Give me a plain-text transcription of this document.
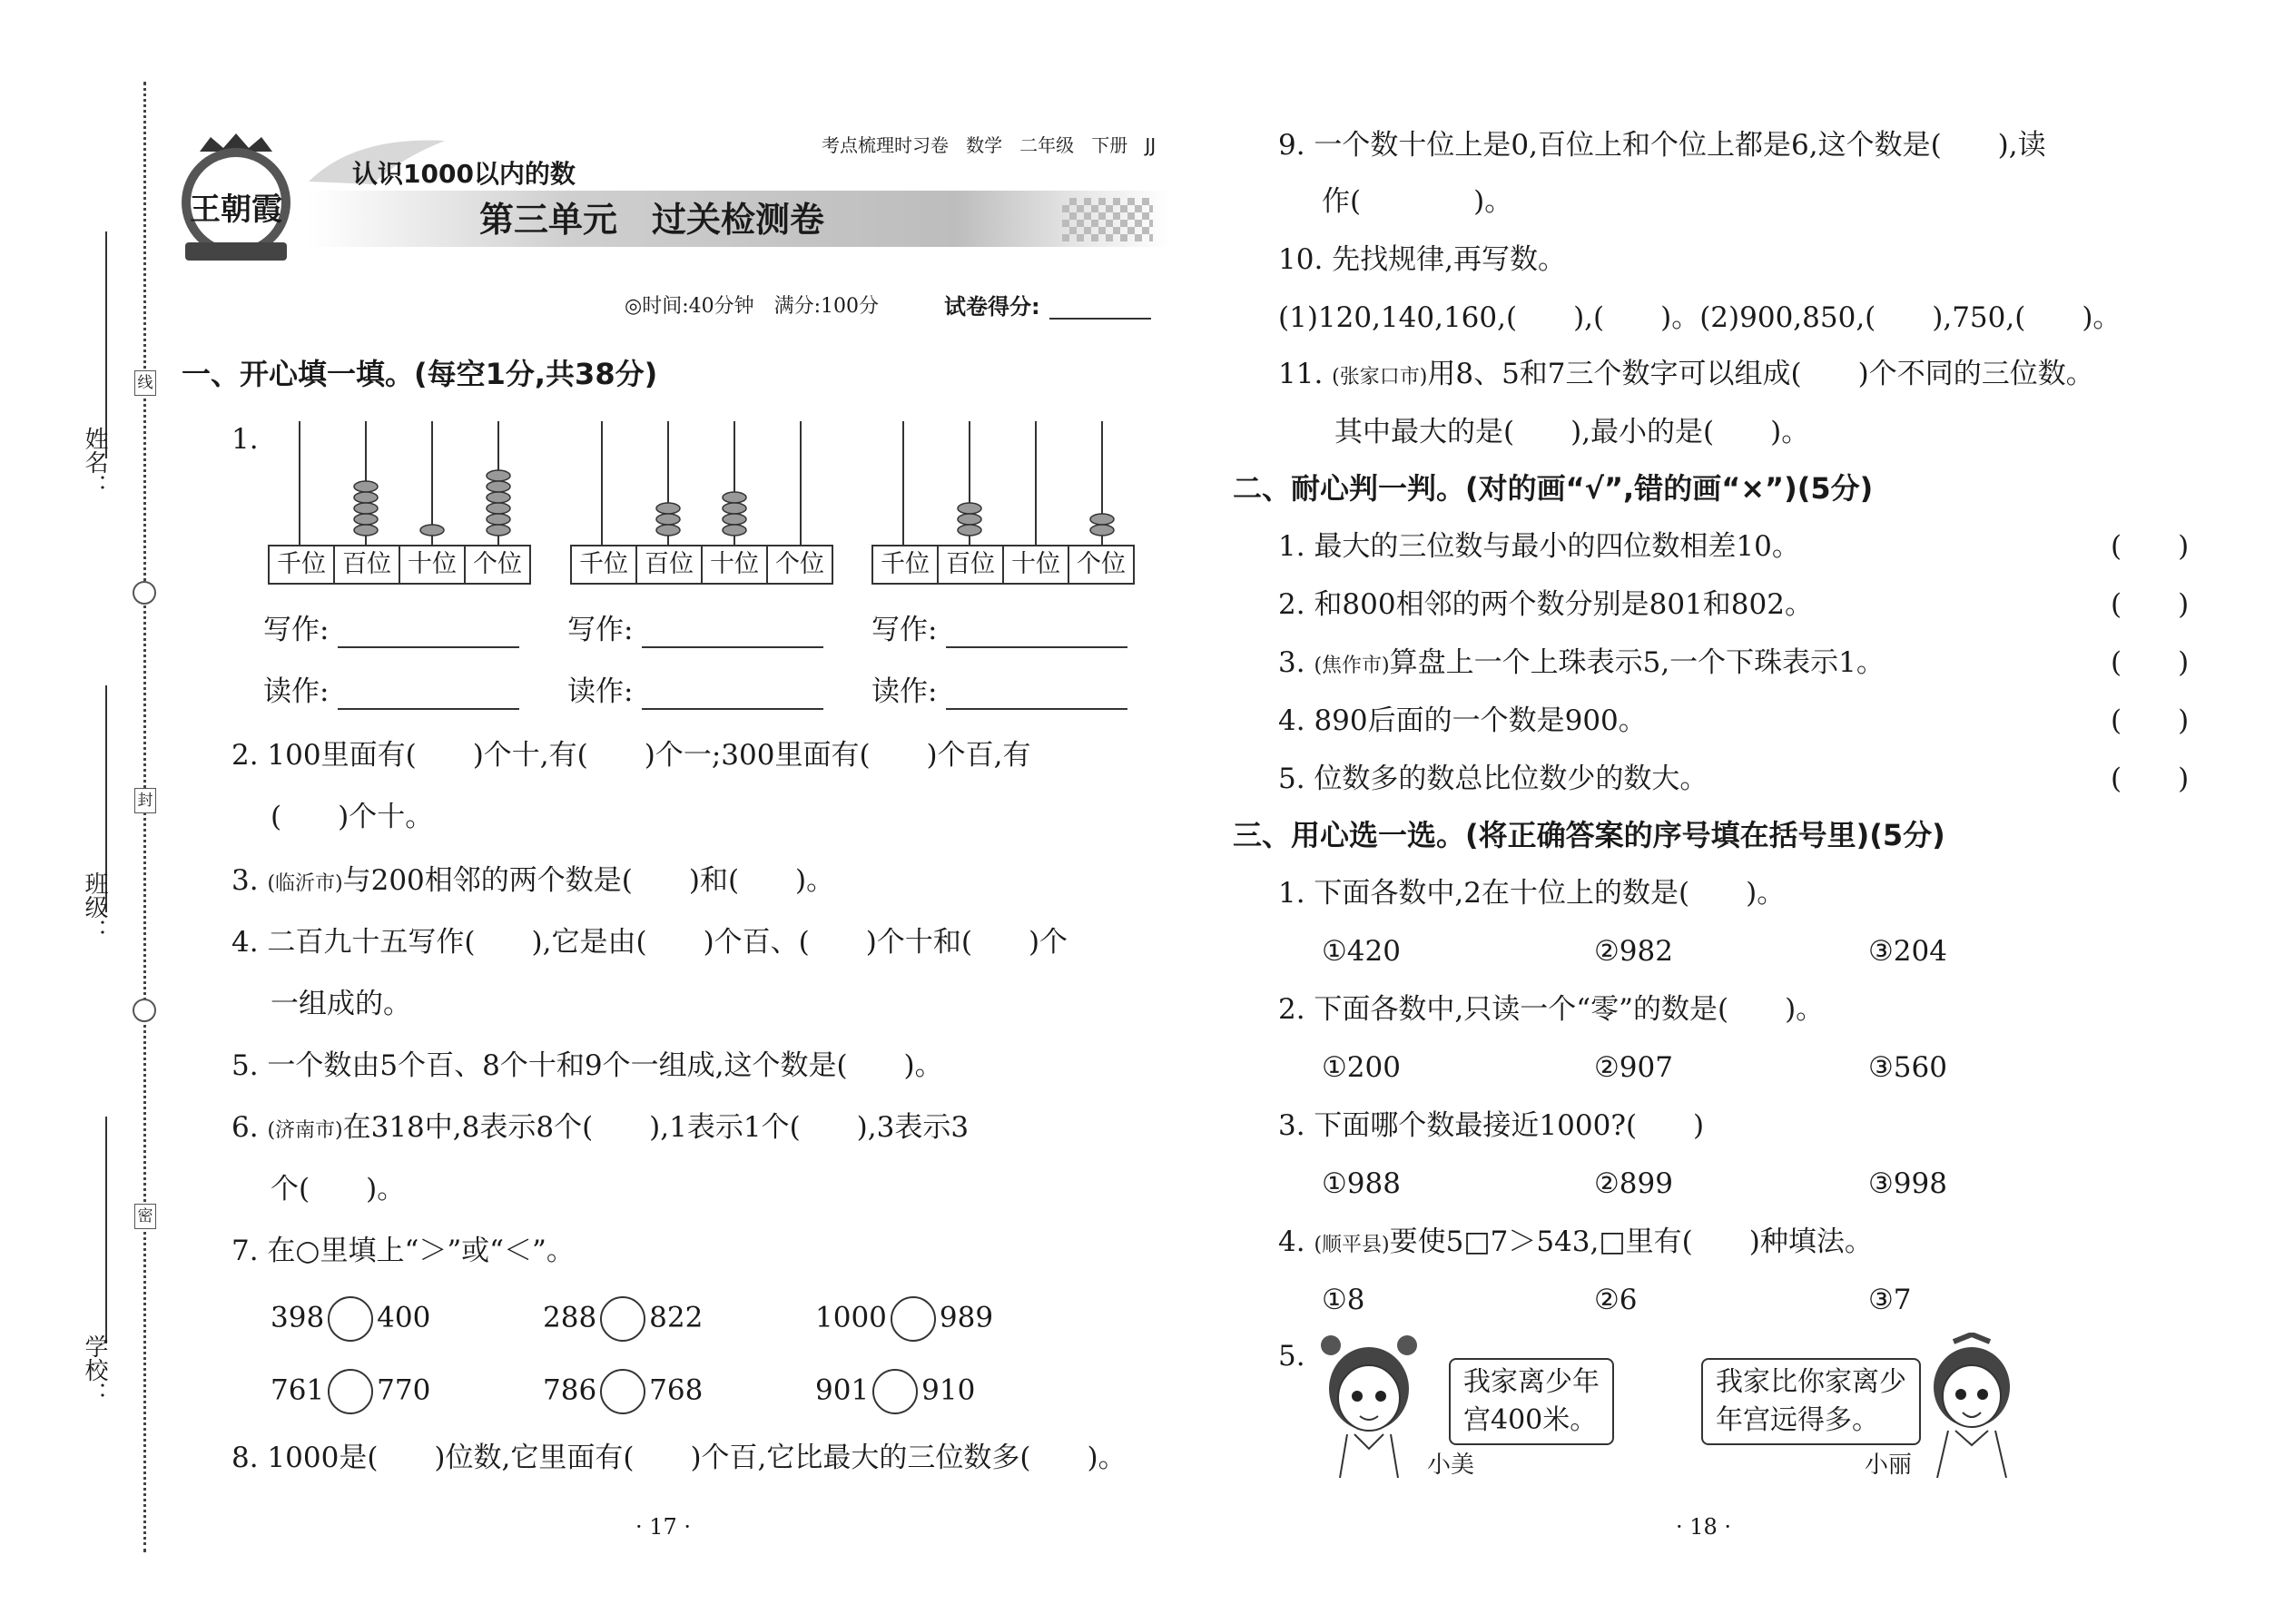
姓名：
班级：
学校：
线
封
密
王朝霞
考点梳理时习卷 数学 二年级 下册 JJ
认识1000以内的数
第三单元　过关检测卷
◎时间:40分钟　满分:100分	试卷得分:
一、开心填一填。(每空1分,共38分)
1.
千位 百位 十位 个位 千位 百位 十位 个位 千位 百位 十位 个位
写作:	写作:	写作:
读作:	读作:	读作:
2. 100里面有(　　)个十,有(　　)个一;300里面有(　　)个百,有
(　　)个十。
3. (临沂市)与200相邻的两个数是(　　)和(　　)。
4. 二百九十五写作(　　),它是由(　　)个百、(　　)个十和(　　)个
一组成的。
5. 一个数由5个百、8个十和9个一组成,这个数是(　　)。
6. (济南市)在318中,8表示8个(　　),1表示1个(　　),3表示3
个(　　)。
7. 在○里填上“＞”或“＜”。
398 400	288 822	1000 989
761 770	786 768	901 910
8. 1000是(　　)位数,它里面有(　　)个百,它比最大的三位数多(　　)。
· 17 ·
9. 一个数十位上是0,百位上和个位上都是6,这个数是(　　),读
作(　　　　)。
10. 先找规律,再写数。
(1)120,140,160,(　　),(　　)。(2)900,850,(　　),750,(　　)。
11. (张家口市)用8、5和7三个数字可以组成(　　)个不同的三位数。
其中最大的是(　　),最小的是(　　)。
二、耐心判一判。(对的画“√”,错的画“×”)(5分)
1. 最大的三位数与最小的四位数相差10。	(　　)
2. 和800相邻的两个数分别是801和802。	(　　)
3. (焦作市)算盘上一个上珠表示5,一个下珠表示1。	(　　)
4. 890后面的一个数是900。	(　　)
5. 位数多的数总比位数少的数大。	(　　)
三、用心选一选。(将正确答案的序号填在括号里)(5分)
1. 下面各数中,2在十位上的数是(　　)。
①420	②982	③204
2. 下面各数中,只读一个“零”的数是(　　)。
①200	②907	③560
3. 下面哪个数最接近1000?(　　)
①988	②899	③998
4. (顺平县)要使5□7＞543,□里有(　　)种填法。
①8	②6	③7
5.
小美
我家离少年
宫400米。
我家比你家离少
年宫远得多。
小丽
· 18 ·
